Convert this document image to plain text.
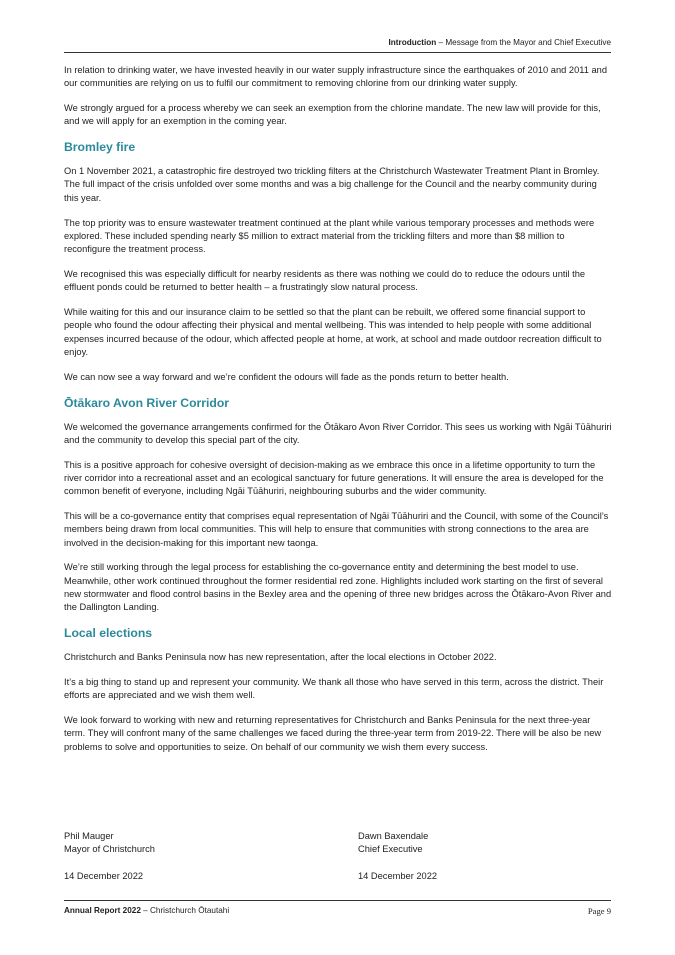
Introduction – Message from the Mayor and Chief Executive

In relation to drinking water, we have invested heavily in our water supply infrastructure since the earthquakes of 2010 and 2011 and our communities are relying on us to fulfil our commitment to removing chlorine from our drinking water supply.

We strongly argued for a process whereby we can seek an exemption from the chlorine mandate. The new law will provide for this, and we will apply for an exemption in the coming year.

Bromley fire

On 1 November 2021, a catastrophic fire destroyed two trickling filters at the Christchurch Wastewater Treatment Plant in Bromley. The full impact of the crisis unfolded over some months and was a big challenge for the Council and the nearby community during this year.

The top priority was to ensure wastewater treatment continued at the plant while various temporary processes and methods were explored. These included spending nearly $5 million to extract material from the trickling filters and more than $8 million to reconfigure the treatment process.

We recognised this was especially difficult for nearby residents as there was nothing we could do to reduce the odours until the effluent ponds could be returned to better health – a frustratingly slow natural process.

While waiting for this and our insurance claim to be settled so that the plant can be rebuilt, we offered some financial support to people who found the odour affecting their physical and mental wellbeing. This was intended to help people with some additional expenses incurred because of the odour, which affected people at home, at work, at school and made outdoor recreation difficult to enjoy.

We can now see a way forward and we’re confident the odours will fade as the ponds return to better health.

Ōtākaro Avon River Corridor

We welcomed the governance arrangements confirmed for the Ōtākaro Avon River Corridor. This sees us working with Ngāi Tūāhuriri and the community to develop this special part of the city.

This is a positive approach for cohesive oversight of decision-making as we embrace this once in a lifetime opportunity to turn the river corridor into a recreational asset and an ecological sanctuary for future generations. It will ensure the area is developed for the common benefit of everyone, including Ngāi Tūāhuriri, neighbouring suburbs and the wider community.

This will be a co-governance entity that comprises equal representation of Ngāi Tūāhuriri and the Council, with some of the Council’s members being drawn from local communities. This will help to ensure that communities with strong connections to the area are involved in the decision-making for this important new taonga.

We’re still working through the legal process for establishing the co-governance entity and determining the best model to use. Meanwhile, other work continued throughout the former residential red zone. Highlights included work starting on the first of several new stormwater and flood control basins in the Bexley area and the opening of three new bridges across the Ōtākaro-Avon River and the Dallington Landing.

Local elections

Christchurch and Banks Peninsula now has new representation, after the local elections in October 2022.

It’s a big thing to stand up and represent your community. We thank all those who have served in this term, across the district. Their efforts are appreciated and we wish them well.

We look forward to working with new and returning representatives for Christchurch and Banks Peninsula for the next three-year term. They will confront many of the same challenges we faced during the three-year term from 2019-22. There will be also be new problems to solve and opportunities to seize. On behalf of our community we wish them every success.

Phil Mauger
Mayor of Christchurch
14 December 2022
Dawn Baxendale
Chief Executive
14 December 2022
Annual Report 2022 – Christchurch Ōtautahi	Page 9
